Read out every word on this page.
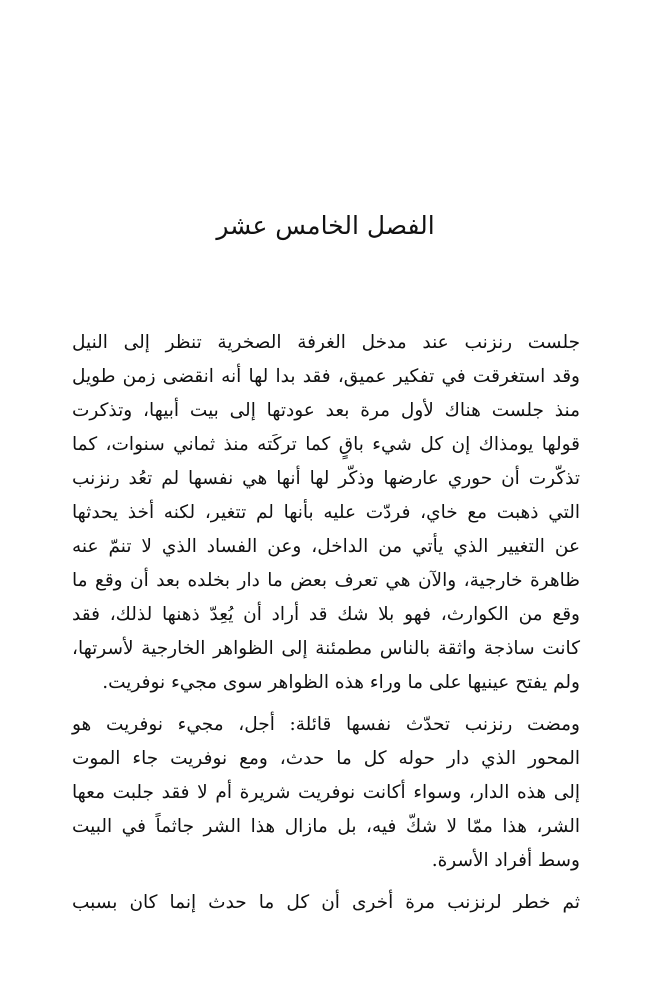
الفصل الخامس عشر

جلست رنزنب عند مدخل الغرفة الصخرية تنظر إلى النيل
وقد استغرقت في تفكير عميق، فقد بدا لها أنه انقضى زمن طويل
منذ جلست هناك لأول مرة بعد عودتها إلى بيت أبيها، وتذكرت
قولها يومذاك إن كل شيء باقٍ كما تركَته منذ ثماني سنوات، كما
تذكّرت أن حوري عارضها وذكّر لها أنها هي نفسها لم تعُد رنزنب
التي ذهبت مع خاي، فردّت عليه بأنها لم تتغير، لكنه أخذ يحدثها
عن التغيير الذي يأتي من الداخل، وعن الفساد الذي لا تنمّ عنه
ظاهرة خارجية، والآن هي تعرف بعض ما دار بخلده بعد أن وقع ما
وقع من الكوارث، فهو بلا شك قد أراد أن يُعِدّ ذهنها لذلك، فقد
كانت ساذجة واثقة بالناس مطمئنة إلى الظواهر الخارجية لأسرتها،
ولم يفتح عينيها على ما وراء هذه الظواهر سوى مجيء نوفريت.

ومضت رنزنب تحدّث نفسها قائلة: أجل، مجيء نوفريت هو
المحور الذي دار حوله كل ما حدث، ومع نوفريت جاء الموت
إلى هذه الدار، وسواء أكانت نوفريت شريرة أم لا فقد جلبت معها
الشر، هذا ممّا لا شكّ فيه، بل مازال هذا الشر جاثماً في البيت
وسط أفراد الأسرة.

ثم خطر لرنزنب مرة أخرى أن كل ما حدث إنما كان بسبب
